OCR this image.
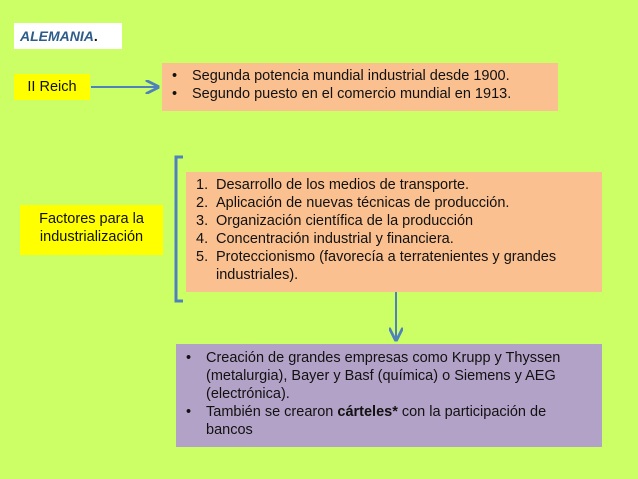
ALEMANIA.
II Reich
• Segunda potencia mundial industrial desde 1900.
• Segundo puesto en el comercio mundial en 1913.
Factores para la industrialización
1. Desarrollo de los medios de transporte.
2. Aplicación de nuevas técnicas de producción.
3. Organización científica de la producción
4. Concentración industrial y financiera.
5. Proteccionismo (favorecía a terratenientes y grandes industriales).
• Creación de grandes empresas como Krupp y Thyssen (metalurgia), Bayer y Basf (química) o Siemens y AEG (electrónica).
• También se crearon cárteles* con la participación de bancos
